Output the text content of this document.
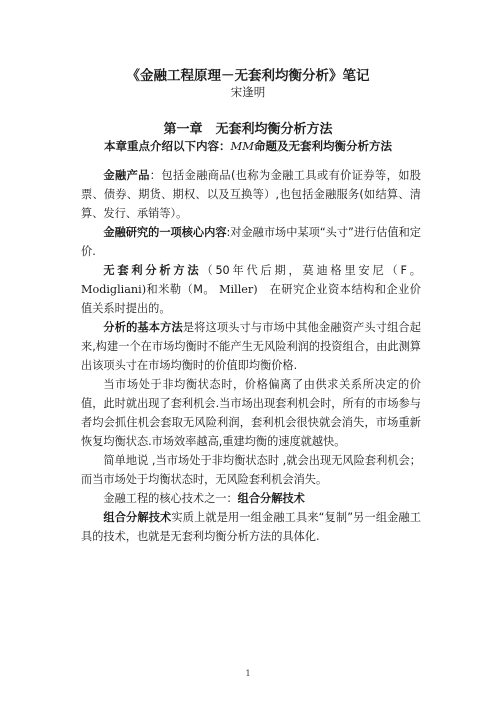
《金融工程原理－无套利均衡分析》笔记
宋逢明
第一章　无套利均衡分析方法
本章重点介绍以下内容：MM命题及无套利均衡分析方法

金融产品：包括金融商品(也称为金融工具或有价证券等，如股票、债券、期货、期权、以及互换等）,也包括金融服务(如结算、清算、发行、承销等）。

金融研究的一项核心内容:对金融市场中某项“头寸”进行估值和定价.

无套利分析方法（50年代后期，莫迪格里安尼（F。 Modigliani)和米勒（M。 Miller)　在研究企业资本结构和企业价值关系时提出的。

分析的基本方法是将这项头寸与市场中其他金融资产头寸组合起来,构建一个在市场均衡时不能产生无风险利润的投资组合，由此测算出该项头寸在市场均衡时的价值即均衡价格.

当市场处于非均衡状态时，价格偏离了由供求关系所决定的价值，此时就出现了套利机会.当市场出现套利机会时，所有的市场参与者均会抓住机会套取无风险利润，套利机会很快就会消失，市场重新恢复均衡状态.市场效率越高,重建均衡的速度就越快。

简单地说 ,当市场处于非均衡状态时 ,就会出现无风险套利机会；而当市场处于均衡状态时，无风险套利机会消失。

金融工程的核心技术之一：组合分解技术

组合分解技术实质上就是用一组金融工具来“复制”另一组金融工具的技术，也就是无套利均衡分析方法的具体化.

1
